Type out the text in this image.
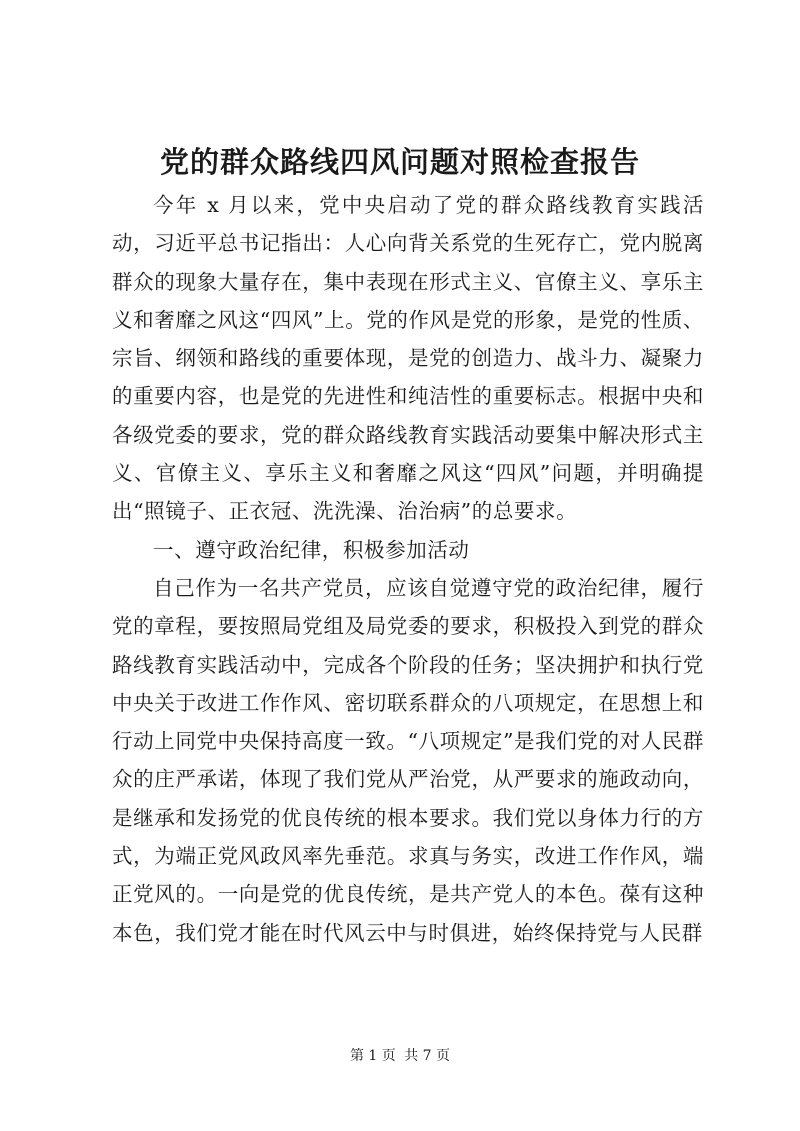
党的群众路线四风问题对照检查报告

今年 x 月以来，党中央启动了党的群众路线教育实践活动，习近平总书记指出：人心向背关系党的生死存亡，党内脱离群众的现象大量存在，集中表现在形式主义、官僚主义、享乐主义和奢靡之风这“四风”上。党的作风是党的形象，是党的性质、宗旨、纲领和路线的重要体现，是党的创造力、战斗力、凝聚力的重要内容，也是党的先进性和纯洁性的重要标志。根据中央和各级党委的要求，党的群众路线教育实践活动要集中解决形式主义、官僚主义、享乐主义和奢靡之风这“四风”问题，并明确提出“照镜子、正衣冠、洗洗澡、治治病”的总要求。

一、遵守政治纪律，积极参加活动

自己作为一名共产党员，应该自觉遵守党的政治纪律，履行党的章程，要按照局党组及局党委的要求，积极投入到党的群众路线教育实践活动中，完成各个阶段的任务；坚决拥护和执行党中央关于改进工作作风、密切联系群众的八项规定，在思想上和行动上同党中央保持高度一致。“八项规定”是我们党的对人民群众的庄严承诺，体现了我们党从严治党，从严要求的施政动向，是继承和发扬党的优良传统的根本要求。我们党以身体力行的方式，为端正党风政风率先垂范。求真与务实，改进工作作风，端正党风的。一向是党的优良传统，是共产党人的本色。葆有这种本色，我们党才能在时代风云中与时俱进，始终保持党与人民群

第 1 页 共 7 页
